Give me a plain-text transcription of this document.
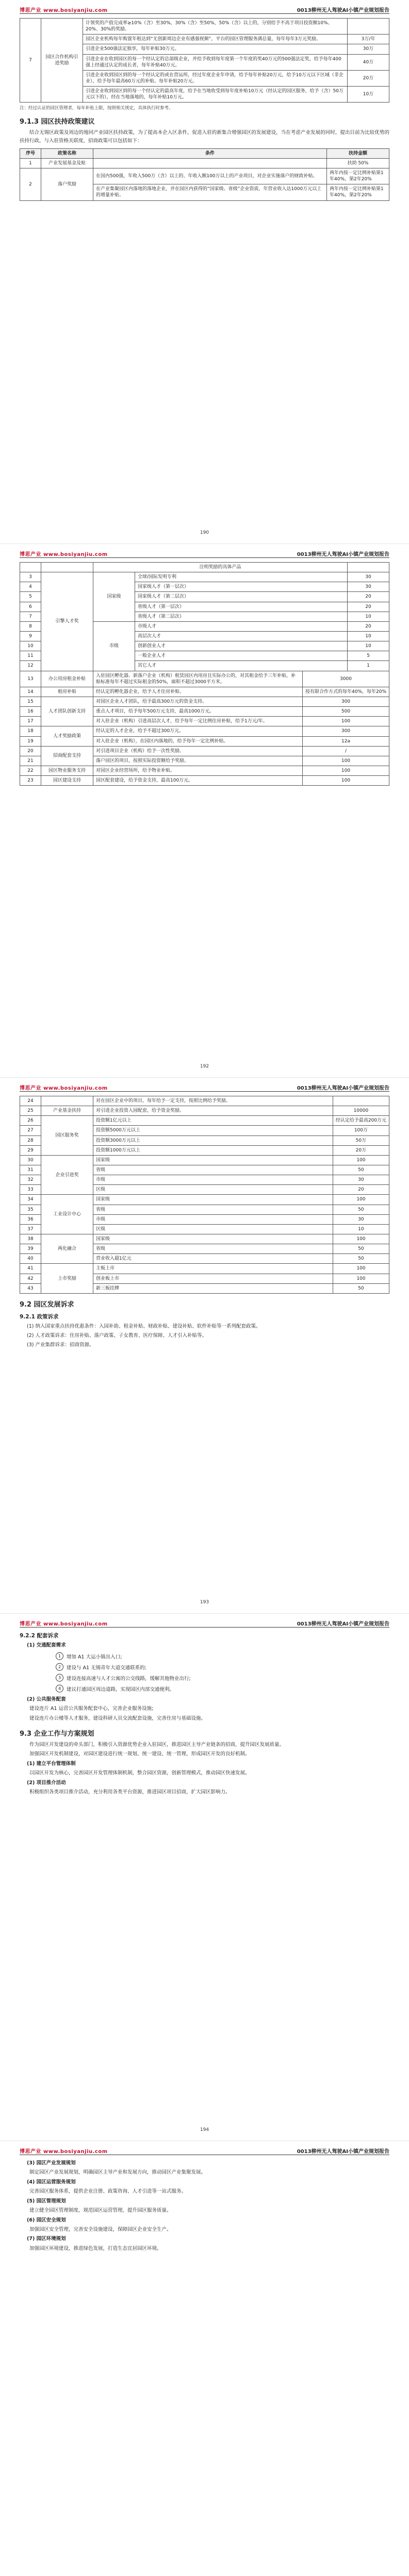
博思产业 www.bosiyanjiu.com	0013柳州无人驾驶AI小镇产业规划报告
7	园区合作机构引进奖励	计领奖的产值完成率≥10%（含）至30%，30%（含）至50%，50%（含）以上的，分别给予不高于项目投资额10%、20%、30%的奖励。	
		园区企业机构每年购置年租达到“无创新周边企业有感强视频”，平台的园区管理服务满总量，每年每年3万元奖励。	3万/年
		引进企业500强法定独享，每年补贴30万元。	30万
		引进企业在收到园区的每一个经认定的总部级企业，并给予收到每年度第一个年度的奖40万元的500强法定奖，给予每年400强上经通过认定的成长者，每年补贴40万元。	40万
		引进企业收到园区到的每一个经认定的或在营运所，经过年度企业年申请，给予每年补贴20万元，给予10万元以下区域（非企业），给予每年最高60万元的补贴。每年补贴20万元。	20万
		引进企业收到园区到的每一个经认定的最高年度，给予在当地收受到每年度补贴10万元（经认定的园区服务，给予（含）50万元以下的），经在当地落地的，每年补贴10万元。	10万
注：经过认证的园区管理者，每年补贴上限，按照相关规定，具体执行时参考。
9.1.3 园区扶持政策建议

结合无锡区政策及周边的地同产业园区扶持政策，为了提高本企入区条件，促进入驻的新集合增强园区的发展建设，当在考虑产业发展的同时，提出目前为比较优势的扶持行政，与入驻资格关联度，招商政策可以包括如下：

序号	政策名称	条件	扶持金额
1	产业发展基金及贴		扶助 50%
2	落户奖励	在国内500强，年收入500万（含）以上的、年收入额100万以上的产业项目，对企业实施落户的财政补贴。	两年内按一定比例补贴第1年40%，第2年20%
		在产业集聚园区内落地的落地企业，并在园区内获得的“国家级、省级”企业资质，年营业收入达1000万元以上的增量补贴。	两年内按一定比例补贴第1年40%，第2年20%
190
博思产业 www.bosiyanjiu.com	0013柳州无人驾驶AI小镇产业规划报告
		注明奖励的具体产品		
3	引擎人才奖	国家级	全球/国际发明专利	30
4			国家级人才（第一层次）	30
5			国家级人才（第二层次）	20
6			省级人才（第一层次）	20
7			省级人才（第二层次）	10
8		市级	市级人才	20
9			高层次人才	10
10			创新创业人才	10
11			一般企业人才	5
12			其它人才	1
13	办公用房租金补贴	入驻园区孵化器、新落户企业（机构）租赁园区内用房且实际办公的，对其租金给予三年补贴，补贴标准每年不超过实际租金的50%，面积不超过3000平方米。	3000
14	租房补贴	经认定的孵化器企业，给予人才住房补贴。	按有限合作方式的每年40%，每年20%
15	人才团队创新支持	对园区企业人才团队，给予最高300万元的资金支持。	300
16		重点人才项目，给予每年500万元支持，最高1000万元。	500
17		对入驻企业（机构）引进高层次人才，给予每年一定比例住房补贴，给予1万元/年。	100
18	人才奖励政策	经认定的人才企业，给予不超过300万元。	300
19		对入驻企业（机构），在园区内落地的，给予每年一定比例补贴。	12a
20	招商配套支持	对引进项目企业（机构）给予一次性奖励。	/
21		落户园区的项目，按照实际投资额给予奖励。	100
22	园区物业服务支持	对园区企业经营场所，给予物业补贴。	100
23	园区建设支持	园区配套建设，给予资金支持，最高100万元。	100
192
博思产业 www.bosiyanjiu.com	0013柳州无人驾驶AI小镇产业规划报告
24		对在园区企业中的项目，每年给予一定支持，按照比例给予奖励。	
25	产业基金扶持	对引进企业投资入园配套，给予资金奖励。	10000
26	园区服务奖	投资额1亿元以上	经认定给予最高200万元
27		投资额5000万元以上	100万
28		投资额3000万元以上	50万
29		投资额1000万元以上	20万
30	企业引进奖	国家级	100
31		省级	50
32		市级	30
33		区级	20
34	工业设计中心	国家级	100
35		省级	50
36		市级	30
37		区级	10
38	两化融合	国家级	100
39		省级	50
40		营业收入超1亿元	50
41	上市奖励	主板上市	100
42		创业板上市	100
43		新三板挂牌	50
9.2 园区发展诉求
9.2.1 政策诉求

(1) 纳入国家重点扶持优惠条件：入园补助、租金补贴、财政补贴、建设补贴、软件补贴等一系列配套政策。

(2) 人才政策诉求：住房补贴、落户政策、子女教育、医疗保障、人才引入补贴等。

(3) 产业集群诉求：招商资源。

193
博思产业 www.bosiyanjiu.com	0013柳州无人驾驶AI小镇产业规划报告
9.2.2 配套诉求

(1) 交通配套需求

1	增加 A1 大运小镇出入口;
2	建设与 A1 无锡青年大道交通联系的;
3	建设连接高速与人才公寓的公交线路，缓解其他物业出行;
4	建议打通园区周边道路，实现园区内部交通便利。

(2) 公共服务配套

建设连片 A1 运营公共服务配套中心，完善企业服务设施;

建设连片办公楼等人才服务，建设科研人员交流配套设施，完善住房与基础设施。

9.3 企业工作与方案规划

作为园区开发建设的牵头部门，积极引入资源优势企业入驻园区，推进园区主导产业链条的招商，提升园区发展质量。

加强园区开发机制建设，对园区建设进行统一规划、统一建设、统一管理，形成园区开发的良好机制。

(1) 建立平台管理体制

以园区开发为核心，完善园区开发管理体制机制，整合园区资源，创新管理模式，推动园区快速发展。

(2) 项目推介活动

积极组织各类项目推介活动，充分利用各类平台资源，推进园区项目招商，扩大园区影响力。

194
博思产业 www.bosiyanjiu.com	0013柳州无人驾驶AI小镇产业规划报告

(3) 园区产业发展规划

制定园区产业发展规划，明确园区主导产业和发展方向，推动园区产业集聚发展。

(4) 园区运营服务规划

完善园区服务体系，提供企业注册、政策咨询、人才引进等一站式服务。

(5) 园区管理规划

建立健全园区管理制度，规范园区运营管理，提升园区服务质量。

(6) 园区安全规划

加强园区安全管理，完善安全设施建设，保障园区企业安全生产。

(7) 园区环境规划

加强园区环境建设，推进绿色发展，打造生态宜居园区环境。
